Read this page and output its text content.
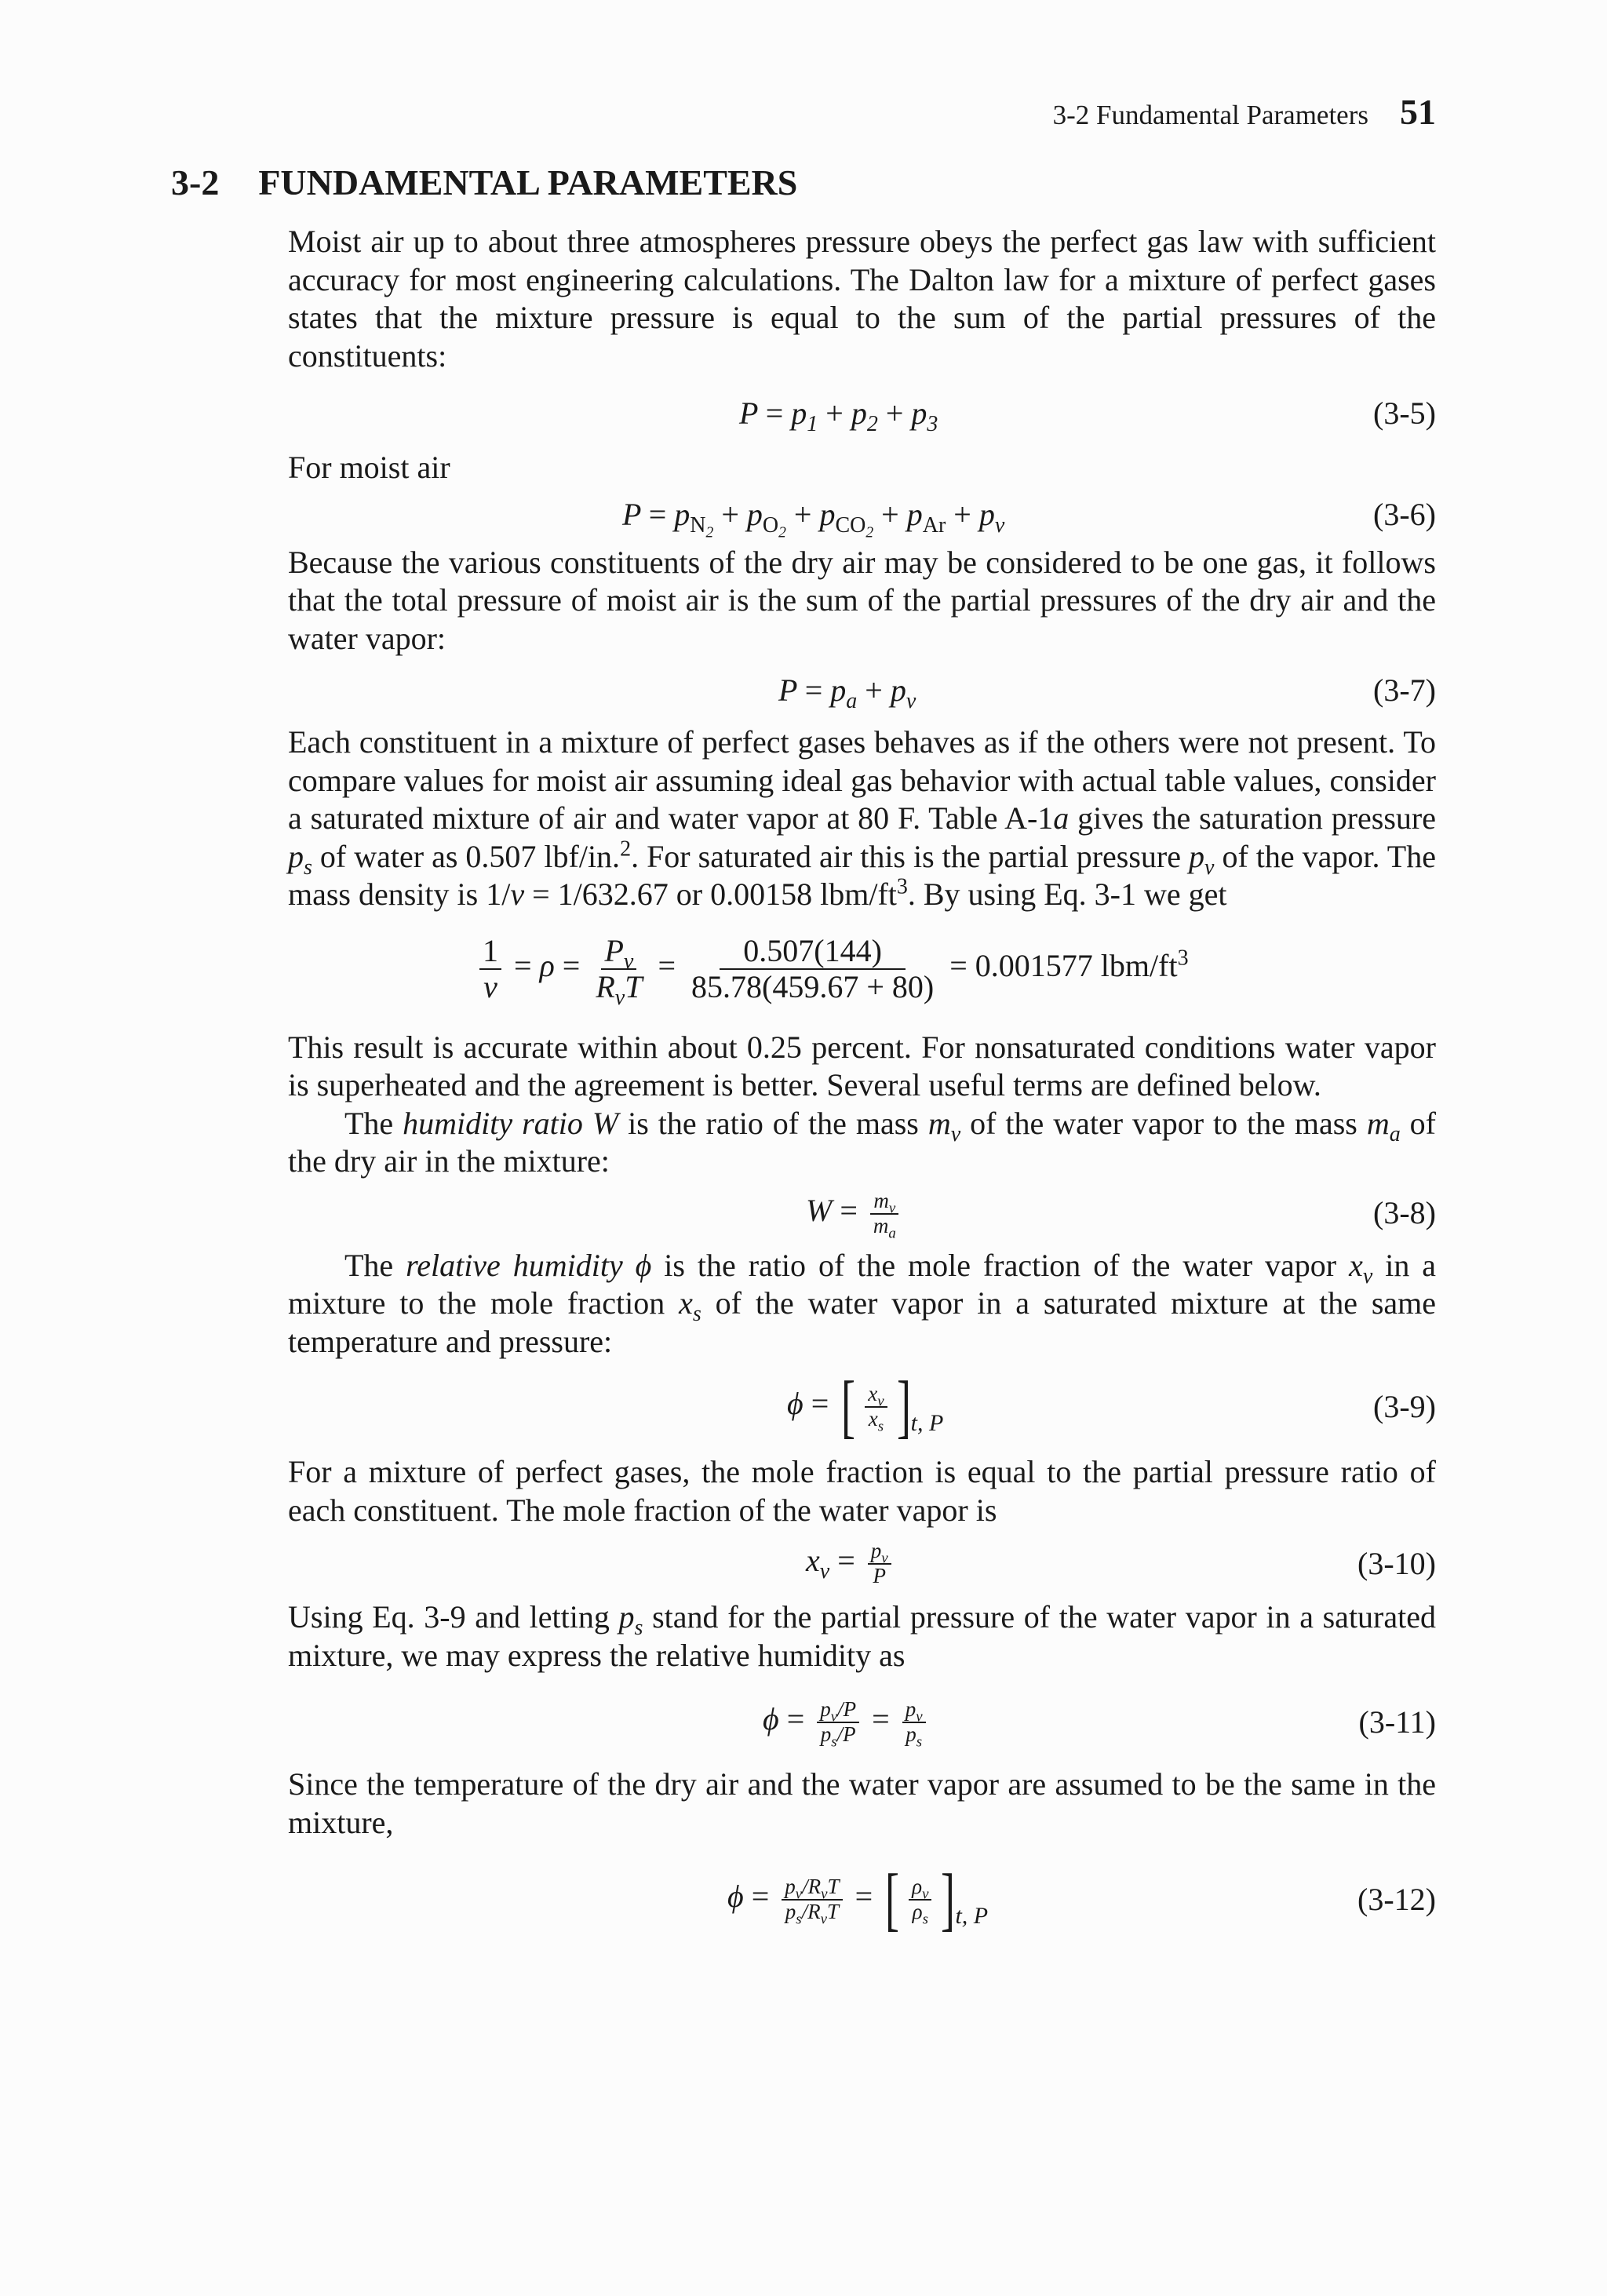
3-2 Fundamental Parameters 51
3-2 FUNDAMENTAL PARAMETERS

Moist air up to about three atmospheres pressure obeys the perfect gas law with sufficient accuracy for most engineering calculations. The Dalton law for a mixture of perfect gases states that the mixture pressure is equal to the sum of the partial pressures of the constituents:

$P = p_1 + p_2 + p_3$	(3-5)

For moist air

$P = p_{N_2} + p_{O_2} + p_{CO_2} + p_{Ar} + p_v$	(3-6)

Because the various constituents of the dry air may be considered to be one gas, it follows that the total pressure of moist air is the sum of the partial pressures of the dry air and the water vapor:

$P = p_a + p_v$	(3-7)

Each constituent in a mixture of perfect gases behaves as if the others were not present. To compare values for moist air assuming ideal gas behavior with actual table values, consider a saturated mixture of air and water vapor at 80 F. Table A-1a gives the saturation pressure $p_s$ of water as 0.507 lbf/in.$^2$. For saturated air this is the partial pressure $p_v$ of the vapor. The mass density is 1/v = 1/632.67 or 0.00158 lbm/$ft^3$. By using Eq. 3-1 we get

$\frac{1}{v} = \rho = \frac{P_v}{R_vT} = \frac{0.507(144)}{85.78(459.67 + 80)} = 0.001577$ lbm/$ft^3$

This result is accurate within about 0.25 percent. For nonsaturated conditions water vapor is superheated and the agreement is better. Several useful terms are defined below.

The humidity ratio W is the ratio of the mass $m_v$ of the water vapor to the mass $m_a$ of the dry air in the mixture:

$W = \frac{m_v}{m_a}$	(3-8)

The relative humidity ϕ is the ratio of the mole fraction of the water vapor $x_v$ in a mixture to the mole fraction $x_s$ of the water vapor in a saturated mixture at the same temperature and pressure:

ϕ = [ $\frac{x_v}{x_s}$ ] t, P	(3-9)

For a mixture of perfect gases, the mole fraction is equal to the partial pressure ratio of each constituent. The mole fraction of the water vapor is

$x_v = \frac{p_v}{P}$	(3-10)

Using Eq. 3-9 and letting $p_s$ stand for the partial pressure of the water vapor in a saturated mixture, we may express the relative humidity as

$\phi = \frac{p_v/P}{p_s/P} = \frac{p_v}{p_s}$	(3-11)

Since the temperature of the dry air and the water vapor are assumed to be the same in the mixture,

$\phi = \frac{p_v/R_vT}{p_s/R_vT}$ = [ $\frac{\rho_v}{\rho_s}$ ] t, P	(3-12)
